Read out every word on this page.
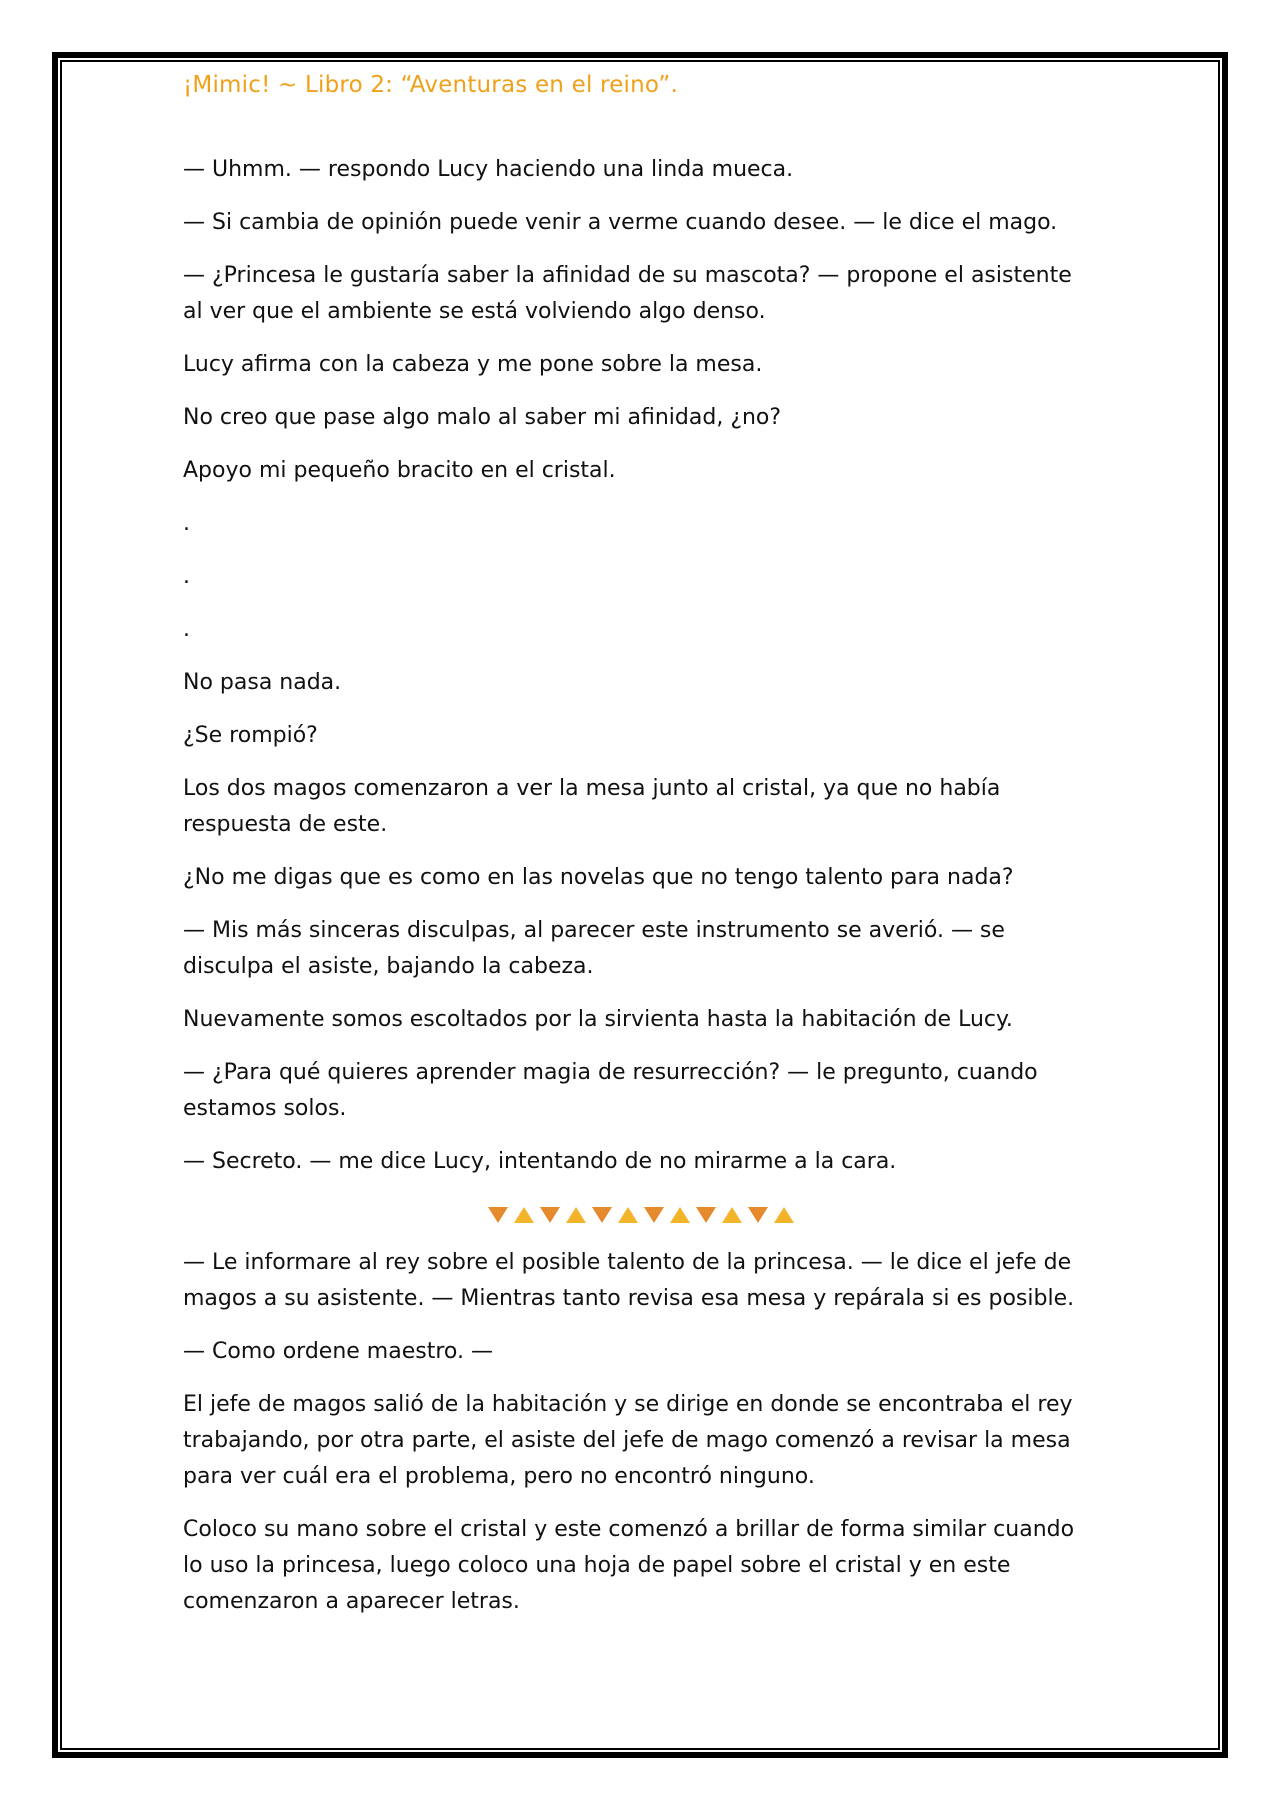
¡Mimic! ~ Libro 2: “Aventuras en el reino”.

— Uhmm. — respondo Lucy haciendo una linda mueca.

— Si cambia de opinión puede venir a verme cuando desee. — le dice el mago.

— ¿Princesa le gustaría saber la afinidad de su mascota? — propone el asistente al ver que el ambiente se está volviendo algo denso.

Lucy afirma con la cabeza y me pone sobre la mesa.

No creo que pase algo malo al saber mi afinidad, ¿no?

Apoyo mi pequeño bracito en el cristal.

.

.

.

No pasa nada.

¿Se rompió?

Los dos magos comenzaron a ver la mesa junto al cristal, ya que no había respuesta de este.

¿No me digas que es como en las novelas que no tengo talento para nada?

— Mis más sinceras disculpas, al parecer este instrumento se averió. — se disculpa el asiste, bajando la cabeza.

Nuevamente somos escoltados por la sirvienta hasta la habitación de Lucy.

— ¿Para qué quieres aprender magia de resurrección? — le pregunto, cuando estamos solos.

— Secreto. — me dice Lucy, intentando de no mirarme a la cara.

— Le informare al rey sobre el posible talento de la princesa. — le dice el jefe de magos a su asistente. — Mientras tanto revisa esa mesa y repárala si es posible.

— Como ordene maestro. —

El jefe de magos salió de la habitación y se dirige en donde se encontraba el rey trabajando, por otra parte, el asiste del jefe de mago comenzó a revisar la mesa para ver cuál era el problema, pero no encontró ninguno.

Coloco su mano sobre el cristal y este comenzó a brillar de forma similar cuando lo uso la princesa, luego coloco una hoja de papel sobre el cristal y en este comenzaron a aparecer letras.
